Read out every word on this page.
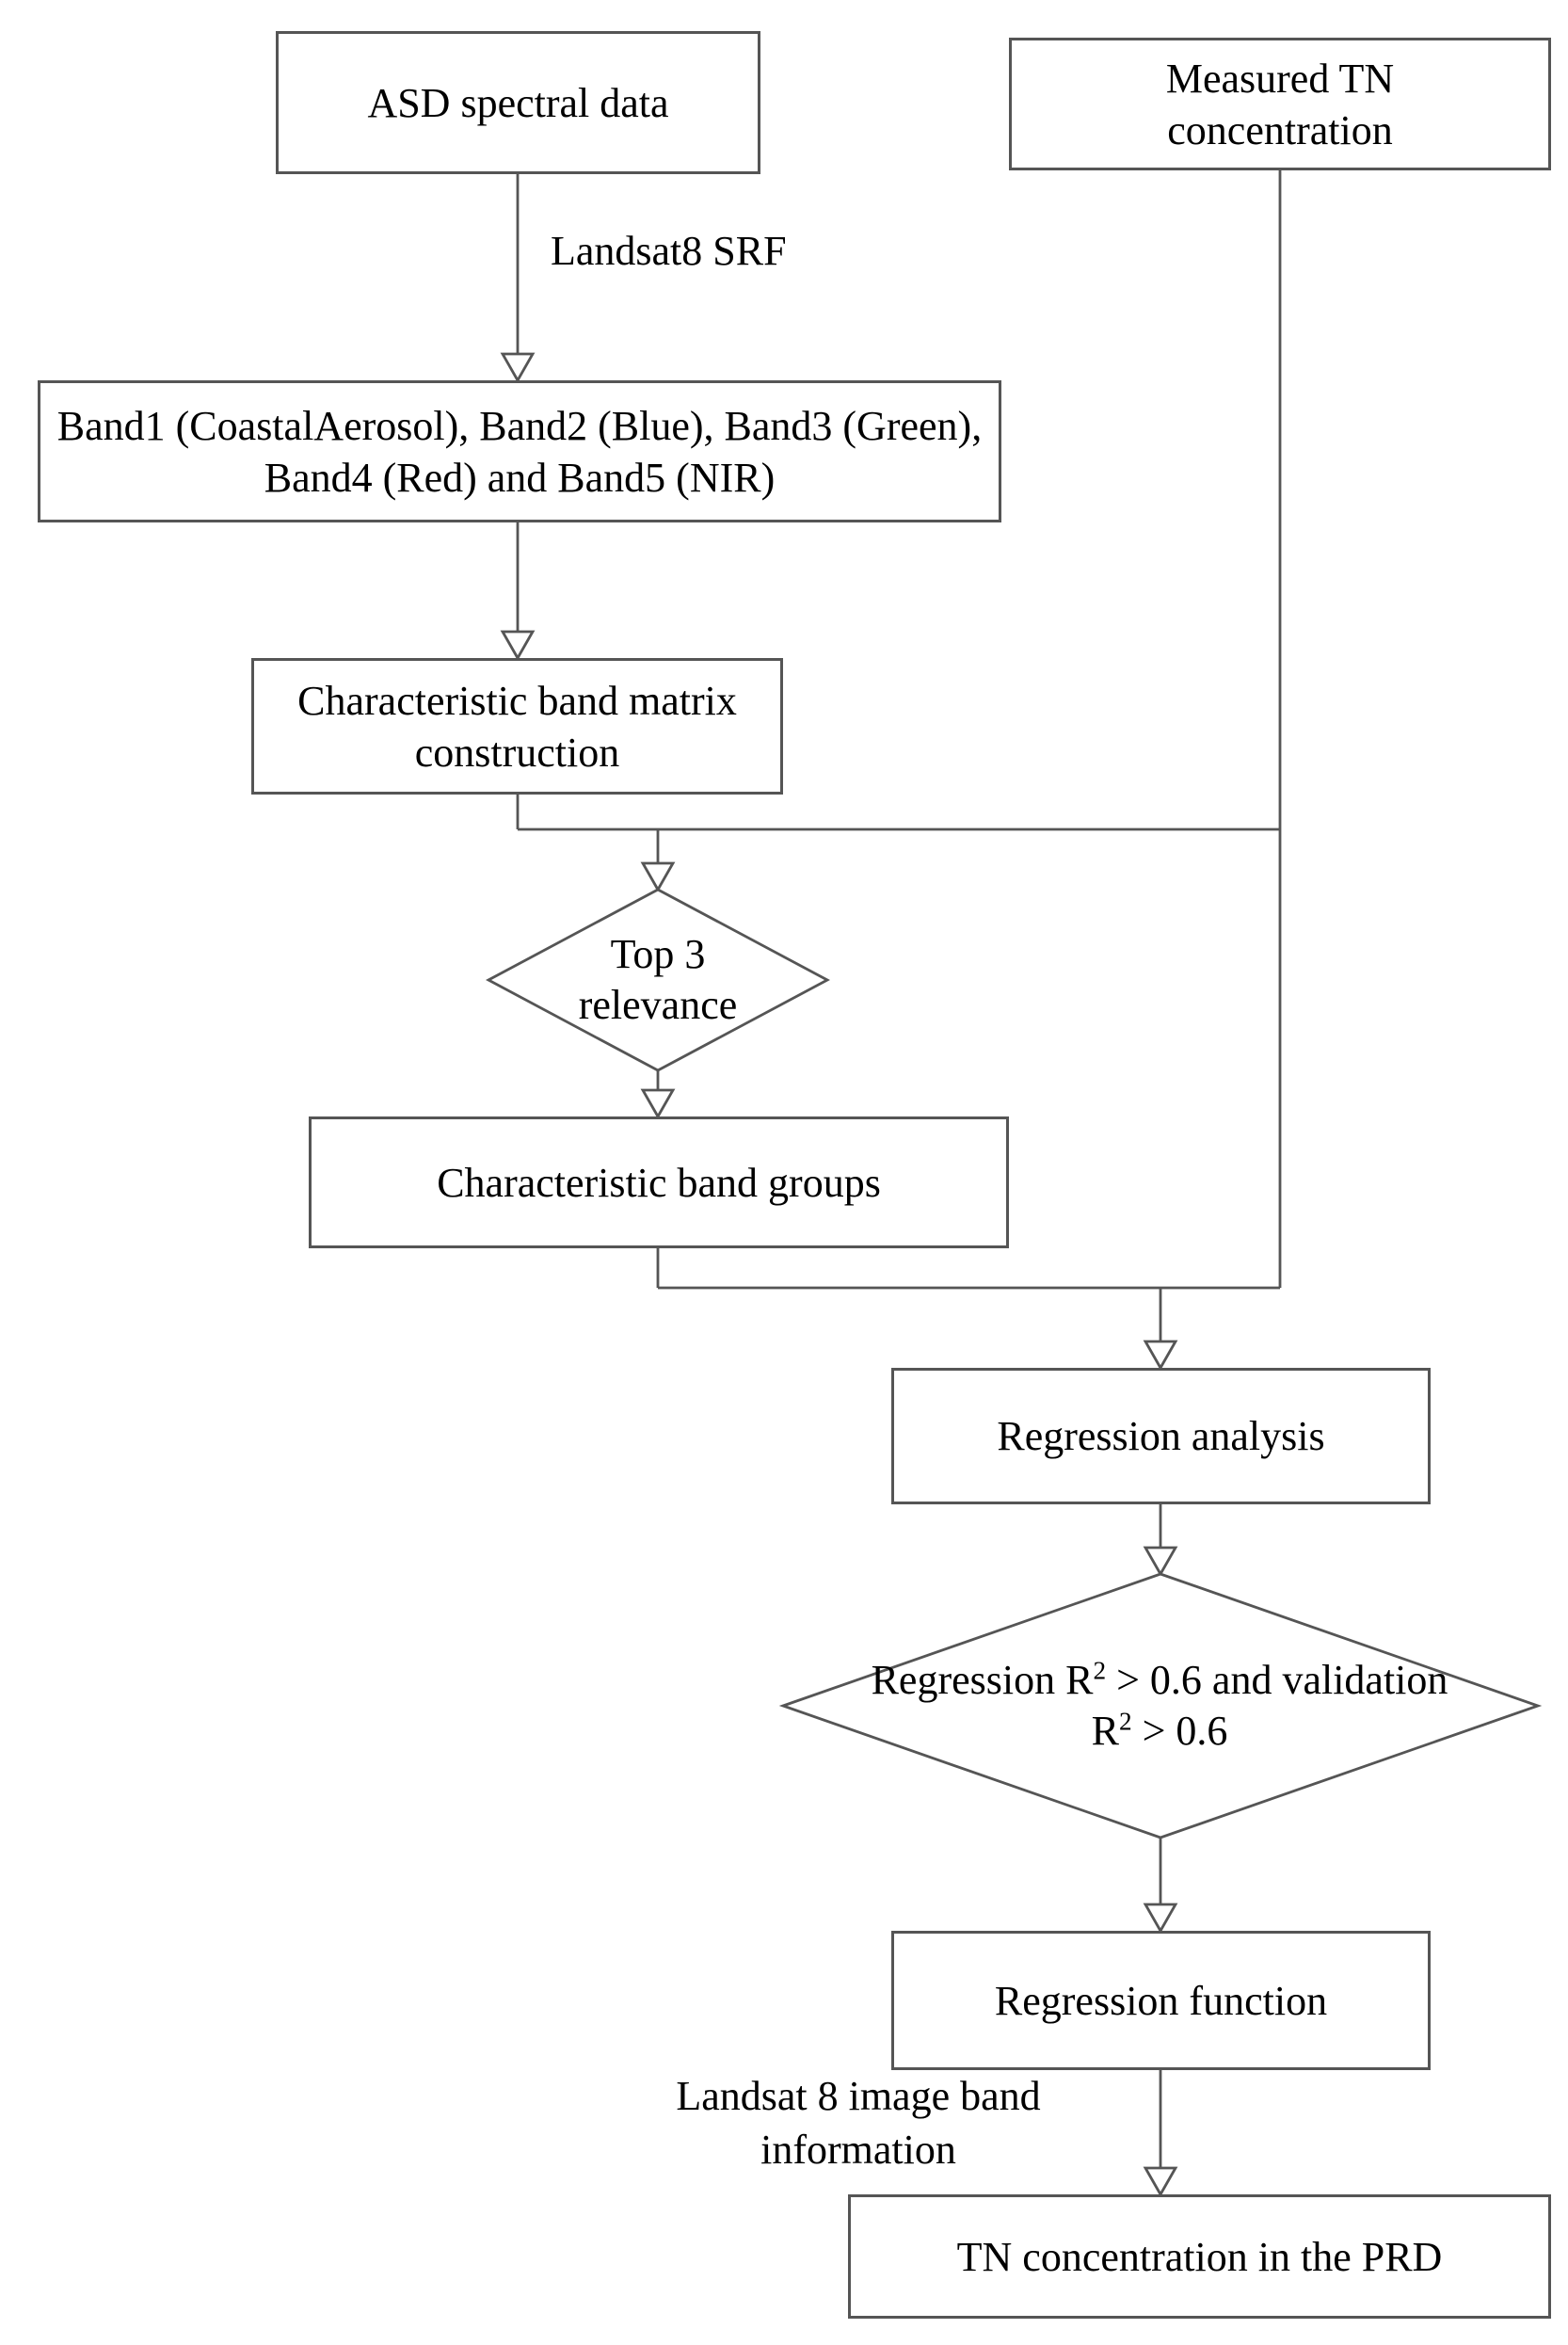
ASD spectral data
Measured TN concentration
Band1 (CoastalAerosol), Band2 (Blue), Band3 (Green), Band4 (Red) and Band5 (NIR)
Characteristic band matrix construction
Characteristic band groups
Regression analysis
Regression function
TN concentration in the PRD
Top 3 relevance
Regression $R^2 > 0.6$ and validation $R^2 > 0.6$
Landsat8 SRF
Landsat 8 image band information
